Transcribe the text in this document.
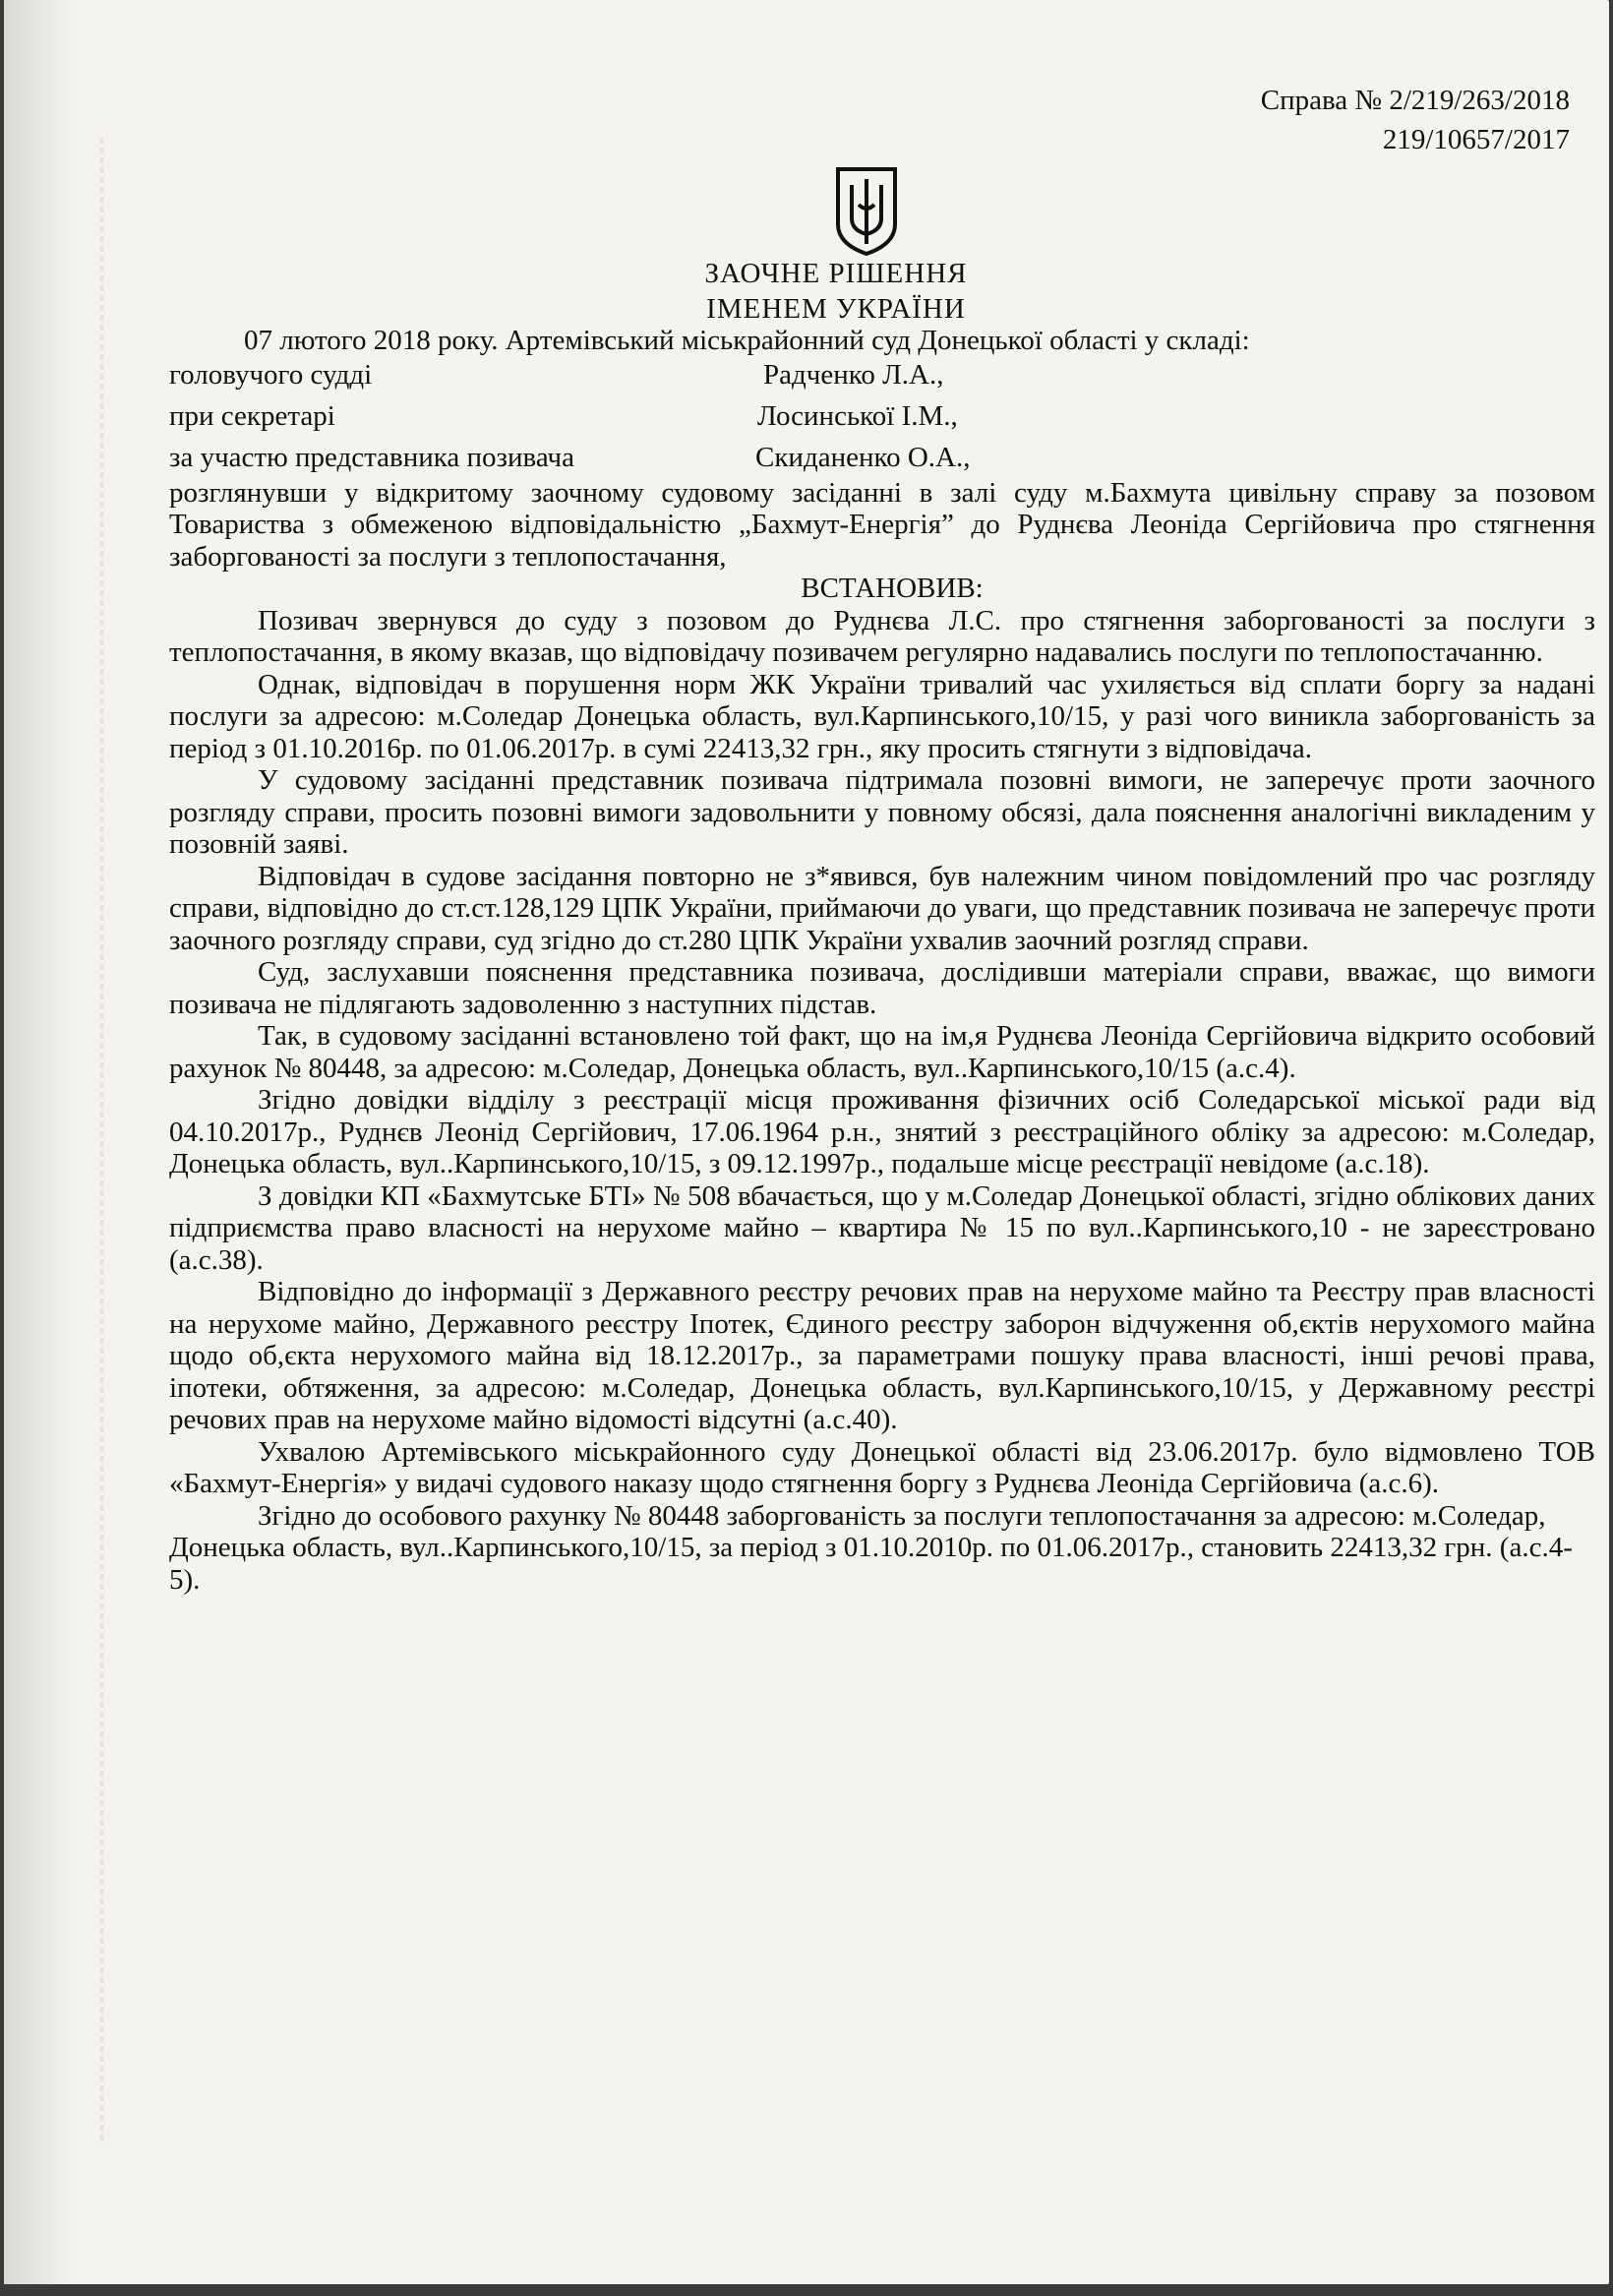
Справа № 2/219/263/2018
219/10657/2017
ЗАОЧНЕ РІШЕННЯ
ІМЕНЕМ УКРАЇНИ

07 лютого 2018 року. Артемівський міськрайонний суд Донецької області у складі:

головучого судді	Радченко Л.А.,
при секретарі	Лосинської І.М.,
за участю представника позивача	Скиданенко О.А.,

розглянувши у відкритому заочному судовому засіданні в залі суду м.Бахмута цивільну справу за позовом Товариства з обмеженою відповідальністю „Бахмут-Енергія” до Руднєва Леоніда Сергійовича про стягнення заборгованості за послуги з теплопостачання,

ВСТАНОВИВ:

Позивач звернувся до суду з позовом до Руднєва Л.С. про стягнення заборгованості за послуги з теплопостачання, в якому вказав, що відповідачу позивачем регулярно надавались послуги по теплопостачанню.

Однак, відповідач в порушення норм ЖК України тривалий час ухиляється від сплати боргу за надані послуги за адресою: м.Соледар Донецька область, вул.Карпинського,10/15, у разі чого виникла заборгованість за період з 01.10.2016р. по 01.06.2017р. в сумі 22413,32 грн., яку просить стягнути з відповідача.

У судовому засіданні представник позивача підтримала позовні вимоги, не заперечує проти заочного розгляду справи, просить позовні вимоги задовольнити у повному обсязі, дала пояснення аналогічні викладеним у позовній заяві.

Відповідач в судове засідання повторно не з*явився, був належним чином повідомлений про час розгляду справи, відповідно до ст.ст.128,129 ЦПК України, приймаючи до уваги, що представник позивача не заперечує проти заочного розгляду справи, суд згідно до ст.280 ЦПК України ухвалив заочний розгляд справи.

Суд, заслухавши пояснення представника позивача, дослідивши матеріали справи, вважає, що вимоги позивача не підлягають задоволенню з наступних підстав.

Так, в судовому засіданні встановлено той факт, що на ім,я Руднєва Леоніда Сергійовича відкрито особовий рахунок № 80448, за адресою: м.Соледар, Донецька область, вул..Карпинського,10/15 (а.с.4).

Згідно довідки відділу з реєстрації місця проживання фізичних осіб Соледарської міської ради від 04.10.2017р., Руднєв Леонід Сергійович, 17.06.1964 р.н., знятий з реєстраційного обліку за адресою: м.Соледар, Донецька область, вул..Карпинського,10/15, з 09.12.1997р., подальше місце реєстрації невідоме (а.с.18).

З довідки КП «Бахмутське БТІ» № 508 вбачається, що у м.Соледар Донецької області, згідно облікових даних підприємства право власності на нерухоме майно – квартира № 15 по вул..Карпинського,10 - не зареєстровано (а.с.38).

Відповідно до інформації з Державного реєстру речових прав на нерухоме майно та Реєстру прав власності на нерухоме майно, Державного реєстру Іпотек, Єдиного реєстру заборон відчуження об,єктів нерухомого майна щодо об,єкта нерухомого майна від 18.12.2017р., за параметрами пошуку права власності, інші речові права, іпотеки, обтяження, за адресою: м.Соледар, Донецька область, вул.Карпинського,10/15, у Державному реєстрі речових прав на нерухоме майно відомості відсутні (а.с.40).

Ухвалою Артемівського міськрайонного суду Донецької області від 23.06.2017р. було відмовлено ТОВ «Бахмут-Енергія» у видачі судового наказу щодо стягнення боргу з Руднєва Леоніда Сергійовича (а.с.6).

Згідно до особового рахунку № 80448 заборгованість за послуги теплопостачання за адресою: м.Соледар, Донецька область, вул..Карпинського,10/15, за період з 01.10.2010р. по 01.06.2017р., становить 22413,32 грн. (а.с.4-5).
